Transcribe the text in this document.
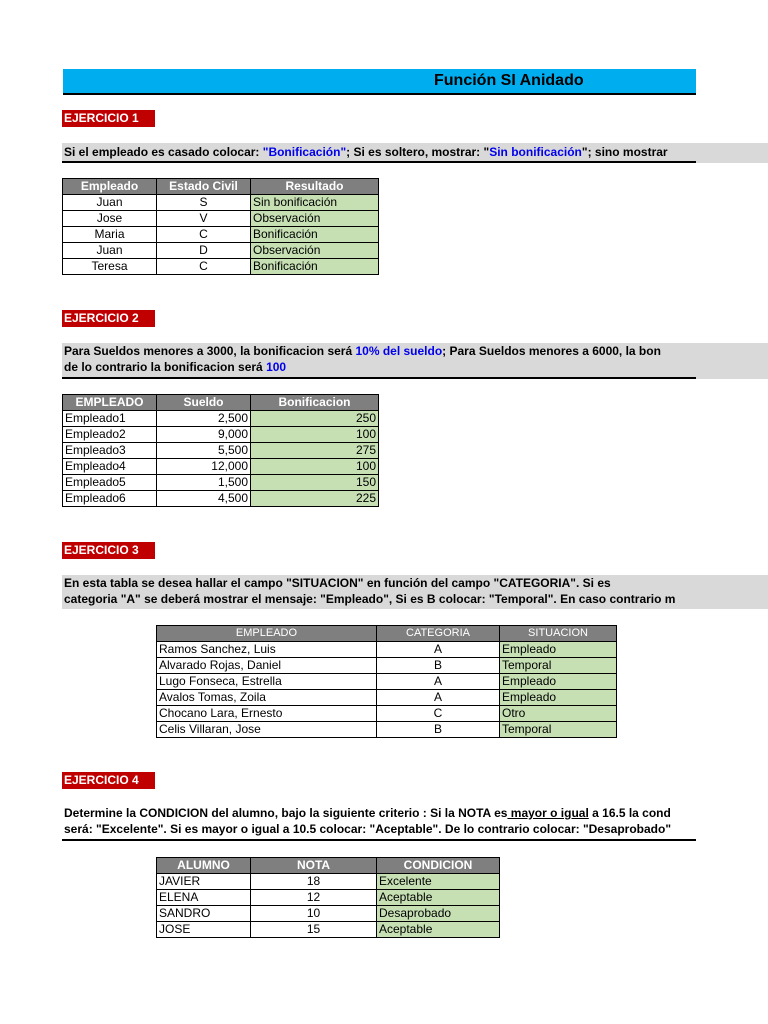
Función SI Anidado
EJERCICIO 1
Si el empleado es casado colocar: "Bonificación"; Si es soltero, mostrar: "Sin bonificación"; sino mostrar
Empleado	Estado Civil	Resultado
Juan	S	Sin bonificación
Jose	V	Observación
Maria	C	Bonificación
Juan	D	Observación
Teresa	C	Bonificación
EJERCICIO 2
Para Sueldos menores a 3000, la bonificacion será 10% del sueldo; Para Sueldos menores a 6000, la bon
de lo contrario la bonificacion será 100
EMPLEADO	Sueldo	Bonificacion
Empleado1	2,500	250
Empleado2	9,000	100
Empleado3	5,500	275
Empleado4	12,000	100
Empleado5	1,500	150
Empleado6	4,500	225
EJERCICIO 3
En esta tabla se desea hallar el campo "SITUACION" en función del campo "CATEGORIA". Si es
categoria "A" se deberá mostrar el mensaje: "Empleado", Si es B colocar: "Temporal". En caso contrario m
EMPLEADO	CATEGORIA	SITUACION
Ramos Sanchez, Luis	A	Empleado
Alvarado Rojas, Daniel	B	Temporal
Lugo Fonseca, Estrella	A	Empleado
Avalos Tomas, Zoila	A	Empleado
Chocano Lara, Ernesto	C	Otro
Celis Villaran, Jose	B	Temporal
EJERCICIO 4
Determine la CONDICION del alumno, bajo la siguiente criterio : Si la NOTA es mayor o igual a 16.5 la cond
será: "Excelente". Si es mayor o igual a 10.5 colocar: "Aceptable". De lo contrario colocar: "Desaprobado"
ALUMNO	NOTA	CONDICION
JAVIER	18	Excelente
ELENA	12	Aceptable
SANDRO	10	Desaprobado
JOSE	15	Aceptable
